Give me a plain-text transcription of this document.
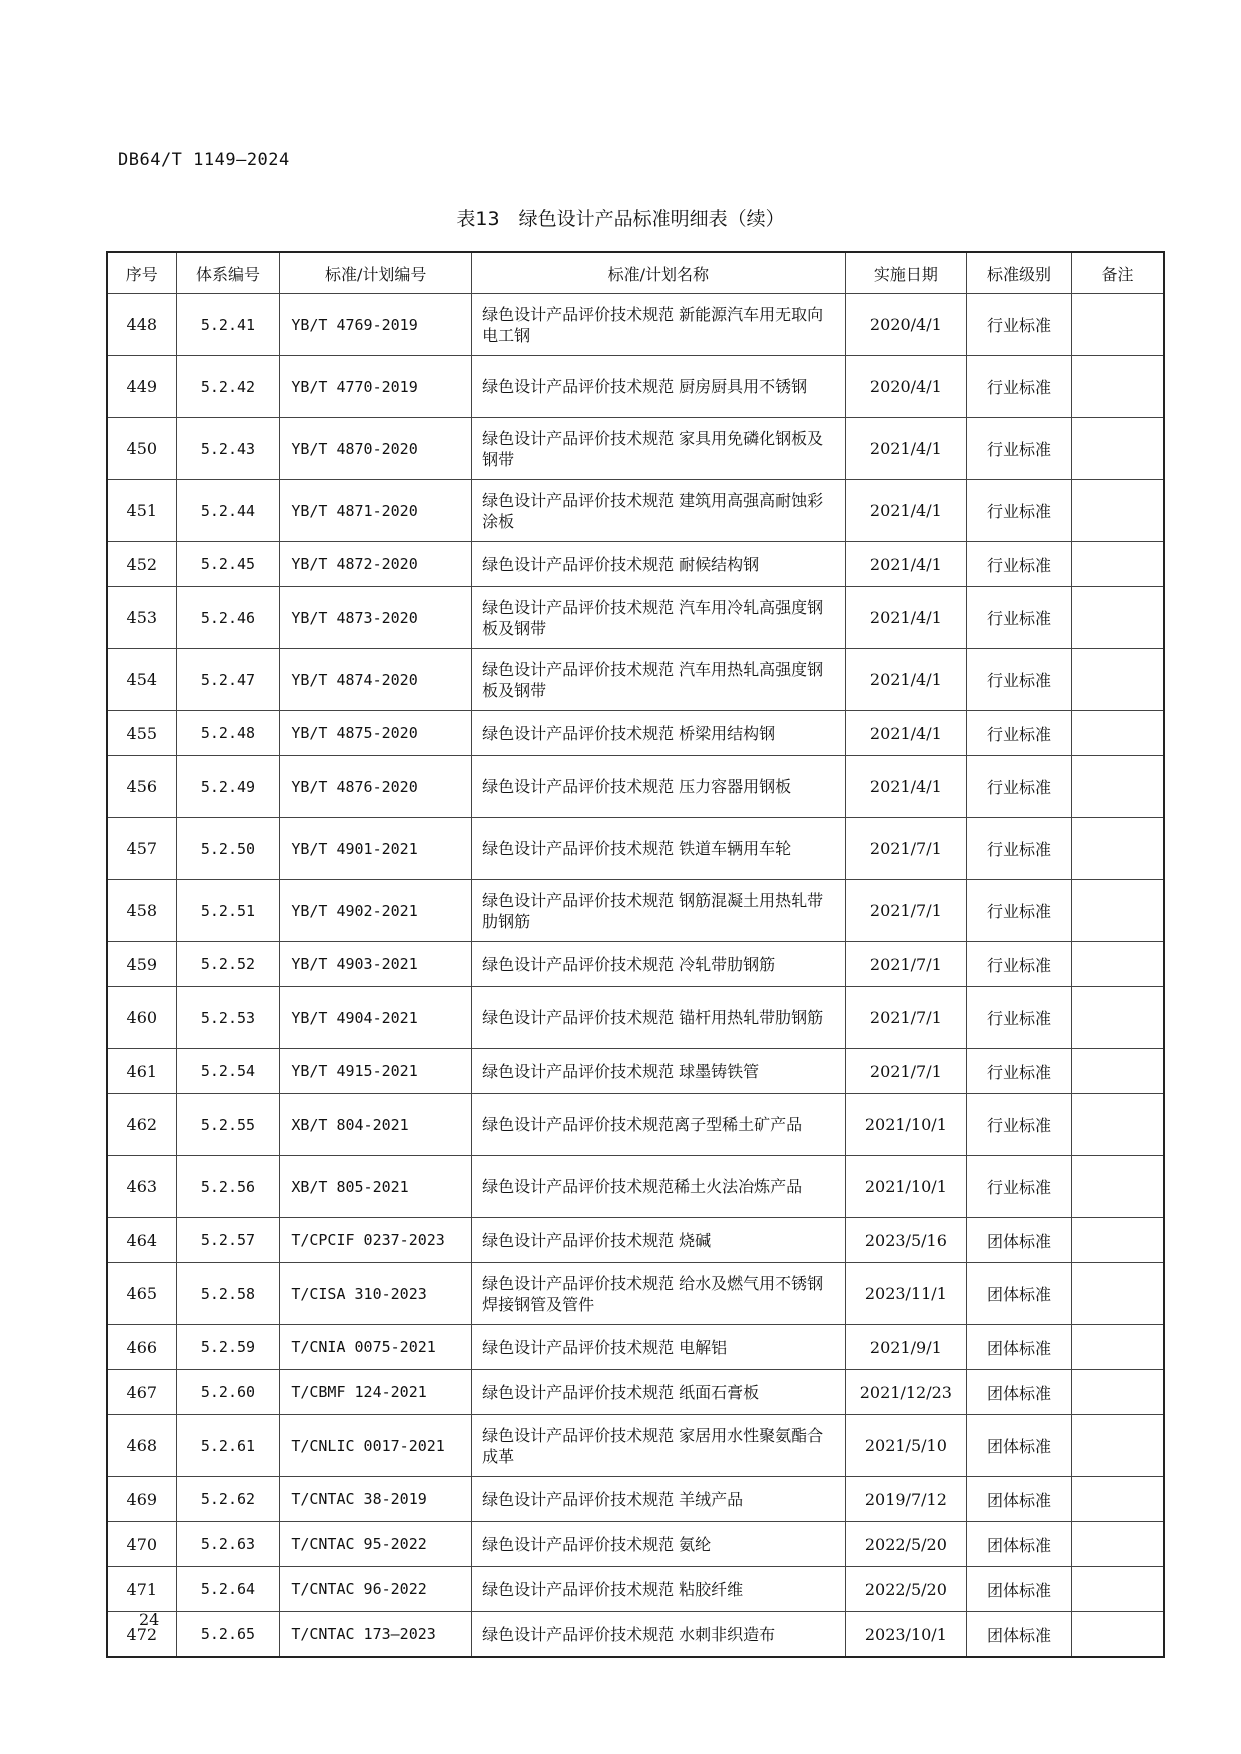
DB64/T 1149—2024

表13　绿色设计产品标准明细表（续）

序号	体系编号	标准/计划编号	标准/计划名称	实施日期	标准级别	备注
448	5.2.41	YB/T 4769-2019	绿色设计产品评价技术规范 新能源汽车用无取向电工钢	2020/4/1	行业标准	
449	5.2.42	YB/T 4770-2019	绿色设计产品评价技术规范 厨房厨具用不锈钢	2020/4/1	行业标准	
450	5.2.43	YB/T 4870-2020	绿色设计产品评价技术规范 家具用免磷化钢板及钢带	2021/4/1	行业标准	
451	5.2.44	YB/T 4871-2020	绿色设计产品评价技术规范 建筑用高强高耐蚀彩涂板	2021/4/1	行业标准	
452	5.2.45	YB/T 4872-2020	绿色设计产品评价技术规范 耐候结构钢	2021/4/1	行业标准	
453	5.2.46	YB/T 4873-2020	绿色设计产品评价技术规范 汽车用冷轧高强度钢板及钢带	2021/4/1	行业标准	
454	5.2.47	YB/T 4874-2020	绿色设计产品评价技术规范 汽车用热轧高强度钢板及钢带	2021/4/1	行业标准	
455	5.2.48	YB/T 4875-2020	绿色设计产品评价技术规范 桥梁用结构钢	2021/4/1	行业标准	
456	5.2.49	YB/T 4876-2020	绿色设计产品评价技术规范 压力容器用钢板	2021/4/1	行业标准	
457	5.2.50	YB/T 4901-2021	绿色设计产品评价技术规范 铁道车辆用车轮	2021/7/1	行业标准	
458	5.2.51	YB/T 4902-2021	绿色设计产品评价技术规范 钢筋混凝土用热轧带肋钢筋	2021/7/1	行业标准	
459	5.2.52	YB/T 4903-2021	绿色设计产品评价技术规范 冷轧带肋钢筋	2021/7/1	行业标准	
460	5.2.53	YB/T 4904-2021	绿色设计产品评价技术规范 锚杆用热轧带肋钢筋	2021/7/1	行业标准	
461	5.2.54	YB/T 4915-2021	绿色设计产品评价技术规范 球墨铸铁管	2021/7/1	行业标准	
462	5.2.55	XB/T 804-2021	绿色设计产品评价技术规范离子型稀土矿产品	2021/10/1	行业标准	
463	5.2.56	XB/T 805-2021	绿色设计产品评价技术规范稀土火法冶炼产品	2021/10/1	行业标准	
464	5.2.57	T/CPCIF 0237-2023	绿色设计产品评价技术规范 烧碱	2023/5/16	团体标准	
465	5.2.58	T/CISA 310-2023	绿色设计产品评价技术规范 给水及燃气用不锈钢焊接钢管及管件	2023/11/1	团体标准	
466	5.2.59	T/CNIA 0075-2021	绿色设计产品评价技术规范 电解铝	2021/9/1	团体标准	
467	5.2.60	T/CBMF 124-2021	绿色设计产品评价技术规范 纸面石膏板	2021/12/23	团体标准	
468	5.2.61	T/CNLIC 0017-2021	绿色设计产品评价技术规范 家居用水性聚氨酯合成革	2021/5/10	团体标准	
469	5.2.62	T/CNTAC 38-2019	绿色设计产品评价技术规范 羊绒产品	2019/7/12	团体标准	
470	5.2.63	T/CNTAC 95-2022	绿色设计产品评价技术规范 氨纶	2022/5/20	团体标准	
471	5.2.64	T/CNTAC 96-2022	绿色设计产品评价技术规范 粘胶纤维	2022/5/20	团体标准	
472	5.2.65	T/CNTAC 173—2023	绿色设计产品评价技术规范 水刺非织造布	2023/10/1	团体标准	

24
